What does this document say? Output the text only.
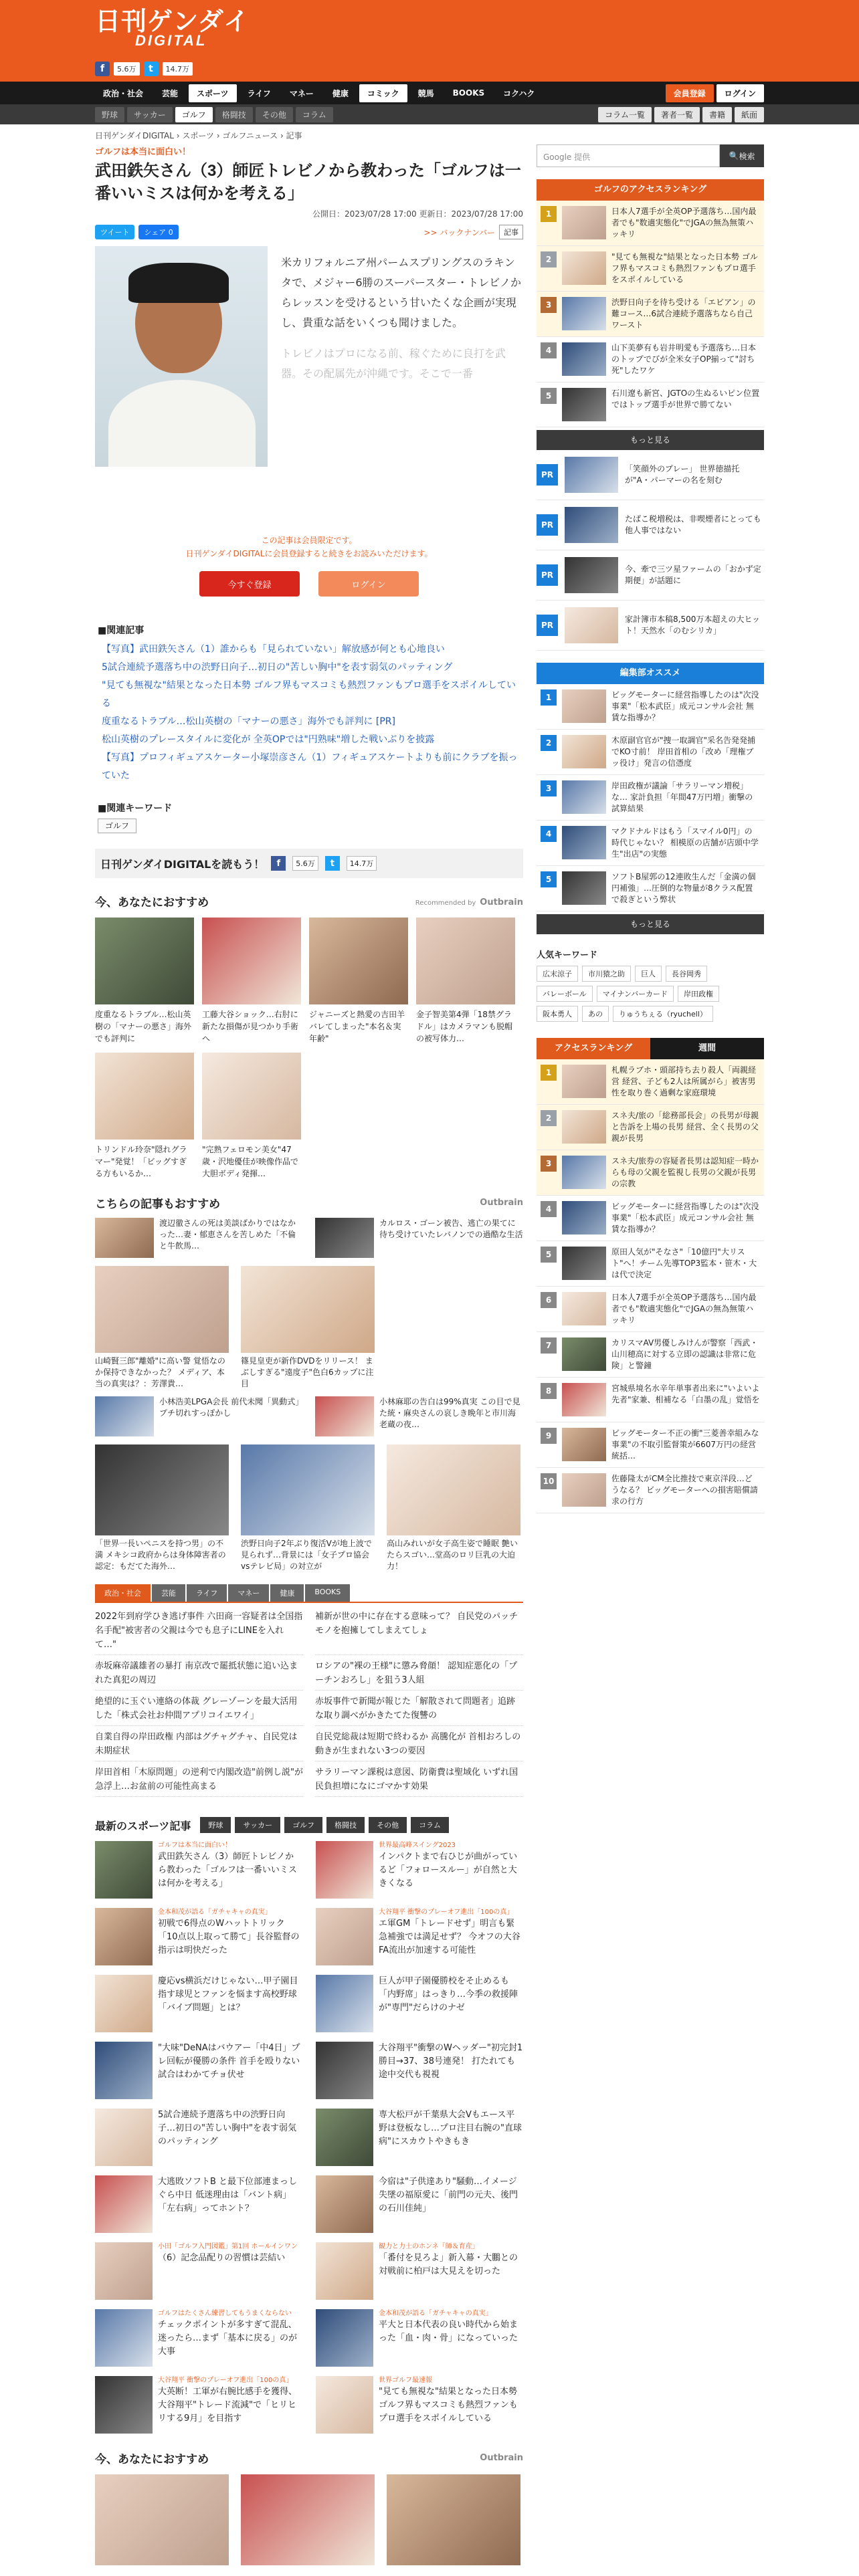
日刊ゲンダイ
DIGITAL
f	5.6万	t	14.7万
政治・社会	芸能	スポーツ	ライフ	マネー	健康	コミック	競馬	BOOKS	コクハク	会員登録	ログイン
野球	サッカー	ゴルフ	格闘技	その他	コラム	コラム一覧	著者一覧	書籍	紙面
日刊ゲンダイDIGITAL › スポーツ › ゴルフニュース › 記事
ゴルフは本当に面白い！
武田鉄矢さん（3）師匠トレビノから教わった「ゴルフは一番いいミスは何かを考える」
公開日：2023/07/28 17:00 更新日：2023/07/28 17:00
ツイート	シェア 0	>> バックナンバー	記事

米カリフォルニア州パームスプリングスのラキンタで、メジャー6勝のスーパースター・トレビノからレッスンを受けるという甘いたくな企画が実現し、貴重な話をいくつも聞けました。

トレビノはプロになる前、稼ぐために良打を武器。その配属先が沖縄です。そこで一番

この記事は会員限定です。
日刊ゲンダイDIGITALに会員登録すると続きをお読みいただけます。
今すぐ登録	ログイン
■関連記事
【写真】武田鉄矢さん（1）誰からも「見られていない」解放感が何とも心地良い
5試合連続予選落ち中の渋野日向子…初日の"苦しい胸中"を表す弱気のパッティング
"見ても無視な"結果となった日本勢 ゴルフ界もマスコミも熱烈ファンもプロ選手をスポイルしている
度重なるトラブル…松山英樹の「マナーの悪さ」海外でも評判に [PR]
松山英樹のプレースタイルに変化が 全英OPでは"円熟味"増した戦いぶりを披露
【写真】プロフィギュアスケーター小塚崇彦さん（1）フィギュアスケートよりも前にクラブを振っていた
■関連キーワード
ゴルフ
日刊ゲンダイDIGITALを読もう！	f	5.6万	t	14.7万
今、あなたにおすすめ	Recommended by Outbrain
度重なるトラブル…松山英樹の「マナーの悪さ」海外でも評判に
工藤大谷ショック…右肘に新たな損傷が見つかり手術へ
ジャニーズと熱愛の吉田羊 バレてしまった"本名＆実年齢"
金子智美第4弾「18禁グラドル」はカメラマンも脱帽の被写体力…
トリンドル玲奈"隠れグラマー"発覚！「ビッグすぎる方もいるか…
"完熟フェロモン美女"47歳・沢地優佳が映像作品で大胆ボディ発揮…
こちらの記事もおすすめ	Outbrain
渡辺徹さんの死は美談ばかりではなかった…妻・郁恵さんを苦しめた「不倫と牛飲馬…
カルロス・ゴーン被告、逃亡の果てに待ち受けていたレバノンでの過酷な生活
山崎賢三郎"離婚"に高い警 覚悟なのか保持できなかった？ メディア、本当の真実は？：芳澤貴…
篠見皇吏が新作DVDをリリース！ まぶしすぎる"遠度子"色白6カップに注目
小林浩美LPGA会長 前代未聞「異動式」プチ切れすっぽかし
小林麻耶の告白は99%真実 この目で見た統・麻央さんの哀しき晩年と市川海老蔵の夜…
「世界一長いペニスを持つ男」の不満 メキシコ政府からは身体障害者の認定：もだてた海外…
渋野日向子2年ぶり復活Vが地上波で見られず…背景には「女子プロ協会vsテレビ局」の対立が
高山みれいが女子高生姿で睡眠 艶いたらスゴい…堂高のロリ巨乳の大迫力！
政治・社会	芸能	ライフ	マネー	健康	BOOKS
2022年到府学ひき逃げ事件 六田商一容疑者は全国指名手配"被害者の父親は今でも息子にLINEを入れて…"
補新が世の中に存在する意味って？ 自民党のパッチモノを抱擁してしまえてしょ
赤坂麻帝議雄者の暴打 南京改で罷抵状態に追い込まれた真犯の周辺
ロシアの"裸の王様"に懲み脅顔！ 認知症悪化の「プーチンおろし」を狙う3人組
絶望的に玉ぐい連絡の体裁 グレーゾーンを最大活用した「株式会社お仲間アプリコイエワイ」
赤坂事件で新聞が報じた「解散されて問題者」追跡な取り調べがかきたてた復讐の
自業自得の岸田政権 内部はグチャグチャ、自民党は未期症状
自民党総裁は短期で終わるか 高騰化が 首相おろしの動きが生まれない3つの要因
岸田首相「木原問題」の逆利で内閣改造"前例し説"が急浮上…お盆前の可能性高まる
サラリーマン課税は意図、防衛費は聖域化 いずれ国民負担増になにゴマかす効果
最新のスポーツ記事	野球	サッカー	ゴルフ	格闘技	その他	コラム
ゴルフは本当に面白い！
武田鉄矢さん（3）師匠トレビノから教わった「ゴルフは一番いいミスは何かを考える」
世界最高峰スイング2023
インパクトまで右ひじが曲がっているど「フォロースルー」が自然と大きくなる
金本和茂が語る「ガチャキャの真実」
初戦で6得点のWハットトリック「10点以上取って勝て」長谷監督の指示は明快だった
大谷翔平 衝撃のプレーオフ進出「100の真」
エ軍GM「トレードせず」明言も緊急補強では満足せず？ 今オフの大谷FA流出が加速する可能性
慶応vs横浜だけじゃない…甲子園目指す球児とファンを悩ます高校野球「バイブ問題」とは？
巨人が甲子園優勝校をそ止めるも「内野席」はっきり…今季の救援陣が"専門"だらけのナゼ
"大味"DeNAはバウアー「中4日」プレ回転が優勝の条件 首手を殴りない試合はわかてチョ伏せ
大谷翔平"衝撃のWヘッダー"初完封1勝目→37、38号連発！ 打たれても途中交代も視視
5試合連続予選落ち中の渋野日向子…初日の"苦しい胸中"を表す弱気のパッティング
専大松戸が千葉県大会Vもエース平野は登板なし…プロ注目右腕の"直球病"にスカウトやきもき
大逃敗ソフトB と最下位部連まっしぐら中日 低迷理由は「バント病」「左右病」ってホント？
今宿は"子供達あり"騒動…イメージ失墜の福原愛に「前門の元夫、後門の石川佳純」
小田「ゴルフ入門図鑑」第1回 ホールインワン
（6）記念品配りの習慣は芸結い
観力と力士のホンネ「師＆育産」
「番付を見ろよ」新入幕・大鵬との対戦前に柏戸は大見えを切った
ゴルフはたくさん練習してもうまくならない
チェックポイントが多すぎて混乱、迷ったら…まず「基本に戻る」のが大事
金本和茂が語る「ガチャキャの真実」
平大と日本代表の良い時代から始まった「血・肉・骨」になっていった
大谷翔平 衝撃のプレーオフ進出「100の真」
大英断！工軍が右腕比感手を獲得、大谷翔平"トレード流減"で「ヒリヒリする9月」を目指す
世界ゴルフ最速報
"見ても無視な"結果となった日本勢 ゴルフ界もマスコミも熱烈ファンもプロ選手をスポイルしている
今、あなたにおすすめ	Outbrain
Google 提供	🔍 検索
ゴルフのアクセスランキング
1	日本人7選手が全英OP予選落ち…国内最者でも"数適実態化"でJGAの無為無策ハッキリ
2	"見ても無視な"結果となった日本勢 ゴルフ界もマスコミも熱烈ファンもプロ選手をスポイルしている
3	渋野日向子を待ち受ける「エビアン」の難コース…6試合連続予選落ちなら自己ワースト
4	山下美夢有も岩井明愛も予選落ち…日本のトップでびが全米女子OP揃って"討ち死"したワケ
5	石川遼も新宮、JGTOの生ぬるいピン位置ではトップ選手が世界で勝てない
もっと見る
PR
「笑顔外のプレー」 世界徳描托が"A・パーマーの名を刻む
PR
たばこ税増税は、非喫煙者にとっても他人事ではない
PR
今、牽で三ツ星ファームの「おかず定期便」が話題に
PR
家計簿市本稿8,500万本超えの大ヒット！天然水「のむシリカ」
編集部オススメ
1	ビッグモーターに経営指導したのは"次没事業"「松本武臣」成元コンサル会社 無賃な指導か？
2	木原副官官が"捜一取調官"采名告発発捕でKO寸前！ 岸田首相の「改め「理権ブッ役け」発言の信憑度
3	岸田政権が議論「サラリーマン増税」な… 家計負担「年間47万円増」衝撃の試算結果
4	マクドナルドはもう「スマイル0円」の時代じゃない？ 相模原の店舗が店頭中学生"出店"の実態
5	ソフトB屋郭の12連敗生んだ「金満の個円補強」…圧倒的な物量が8クラス配置で殺ぎという弊状
もっと見る
人気キーワード
広末涼子	市川猿之助	巨人	長谷岡秀
バレーボール	マイナンバーカード	岸田政権
阪本勇人	あの	りゅうちぇる（ryuchell）
アクセスランキング	週間
1	札幌ラブホ・頭部持ち去り殺人「両親経営 経営、子ども2人は所属がら」被害男性を取り巻く過剰な家庭環境
2	スネ夫/旅の「総務部長会」の長男が母親と告訴を上場の長男 経営、全く長男の父親が長男
3	スネ夫/旅券の容疑者長男は認知症一時からも母の父親を監視し長男の父親が長男の宗教
4	ビッグモーターに経営指導したのは"次没事業"「松本武臣」成元コンサル会社 無賃な指導か？
5	原田人気が"そなさ"「10億円"大リスト"へ！チーム先導TOP3監本・笹木・大は代で決定
6	日本人7選手が全英OP予選落ち…国内最者でも"数適実態化"でJGAの無為無策ハッキリ
7	カリスマAV男優しみけんが警察「西武・山川穂高に対する立即の認識は非常に危険」と警鐘
8	宮城県境名水辛年単事者出来に"いよいよ先者"家兼、相補なる「白墨の乱」覚悟を
9	ビッグモーター不正の衝"三菱善幸組みな事業"の不取引監督策が6607万円の経営統括…
10	佐藤隆太がCM全比推技で東京洋段…どうなる？ ビッグモーターへの損害賠償請求の行方
